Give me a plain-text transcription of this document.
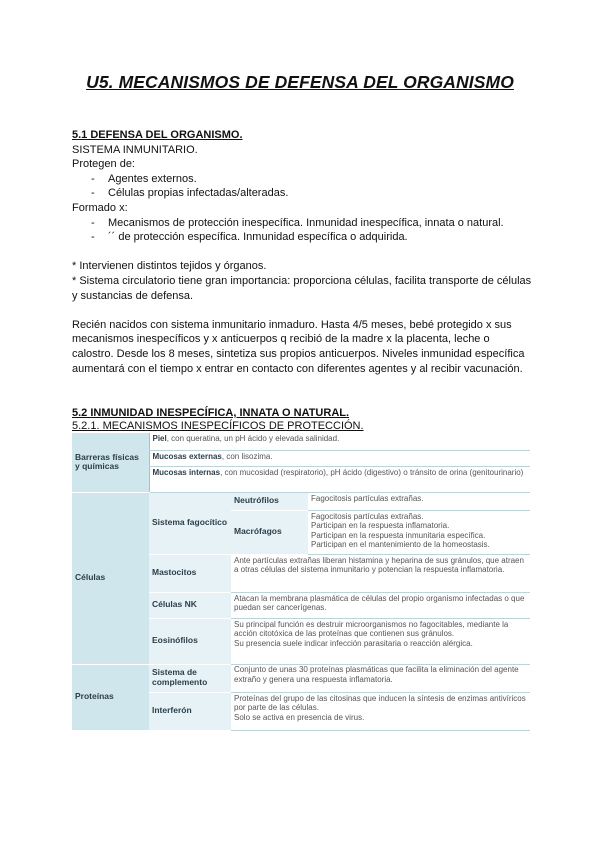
U5. MECANISMOS DE DEFENSA DEL ORGANISMO
5.1 DEFENSA DEL ORGANISMO.
SISTEMA INMUNITARIO.
Protegen de:
- Agentes externos.
- Células propias infectadas/alteradas.
Formado x:
- Mecanismos de protección inespecífica. Inmunidad inespecífica, innata o natural.
- ´´ de protección específica. Inmunidad específica o adquirida.
* Intervienen distintos tejidos y órganos.
* Sistema circulatorio tiene gran importancia: proporciona células, facilita transporte de células y sustancias de defensa.
Recién nacidos con sistema inmunitario inmaduro. Hasta 4/5 meses, bebé protegido x sus mecanismos inespecíficos y x anticuerpos q recibió de la madre x la placenta, leche o calostro. Desde los 8 meses, sintetiza sus propios anticuerpos. Niveles inmunidad específica aumentará con el tiempo x entrar en contacto con diferentes agentes y al recibir vacunación.
5.2 INMUNIDAD INESPECÍFICA, INNATA O NATURAL.
5.2.1. MECANISMOS INESPECÍFICOS DE PROTECCIÓN.
Barreras físicas y químicas	Piel, con queratina, un pH ácido y elevada salinidad.		
	Mucosas externas, con lisozima.		
	Mucosas internas, con mucosidad (respiratorio), pH ácido (digestivo) o tránsito de orina (genitourinario)		
Células	Sistema fagocítico	Neutrófilos	Fagocitosis partículas extrañas.
		Macrófagos	Fagocitosis partículas extrañas.
Participan en la respuesta inflamatoria.
Participan en la respuesta inmunitaria específica.
Participan en el mantenimiento de la homeostasis.

	Mastocitos	Ante partículas extrañas liberan histamina y heparina de sus gránulos, que atraen a otras células del sistema inmunitario y potencian la respuesta inflamatoria.	
	Células NK	Atacan la membrana plasmática de células del propio organismo infectadas o que puedan ser cancerígenas.	
	Eosinófilos	Su principal función es destruir microorganismos no fagocitables, mediante la acción citotóxica de las proteínas que contienen sus gránulos.
Su presencia suele indicar infección parasitaria o reacción alérgica.	

Proteínas	Sistema de complemento	Conjunto de unas 30 proteínas plasmáticas que facilita la eliminación del agente extraño y genera una respuesta inflamatoria.	
	Interferón	Proteínas del grupo de las citosinas que inducen la síntesis de enzimas antivíricos por parte de las células.
Solo se activa en presencia de virus.	
